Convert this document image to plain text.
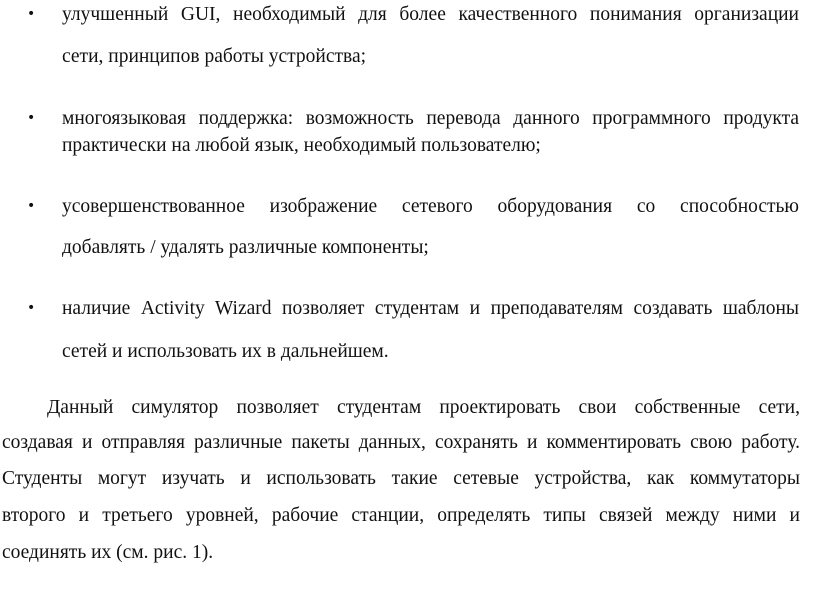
• улучшенный GUI, необходимый для более качественного понимания организации
сети, принципов работы устройства;
• многоязыковая поддержка: возможность перевода данного программного продукта
практически на любой язык, необходимый пользователю;
• усовершенствованное изображение сетевого оборудования со способностью
добавлять / удалять различные компоненты;
• наличие Activity Wizard позволяет студентам и преподавателям создавать шаблоны
сетей и использовать их в дальнейшем.
Данный симулятор позволяет студентам проектировать свои собственные сети,
создавая и отправляя различные пакеты данных, сохранять и комментировать свою работу.
Студенты могут изучать и использовать такие сетевые устройства, как коммутаторы
второго и третьего уровней, рабочие станции, определять типы связей между ними и
соединять их (см. рис. 1).
